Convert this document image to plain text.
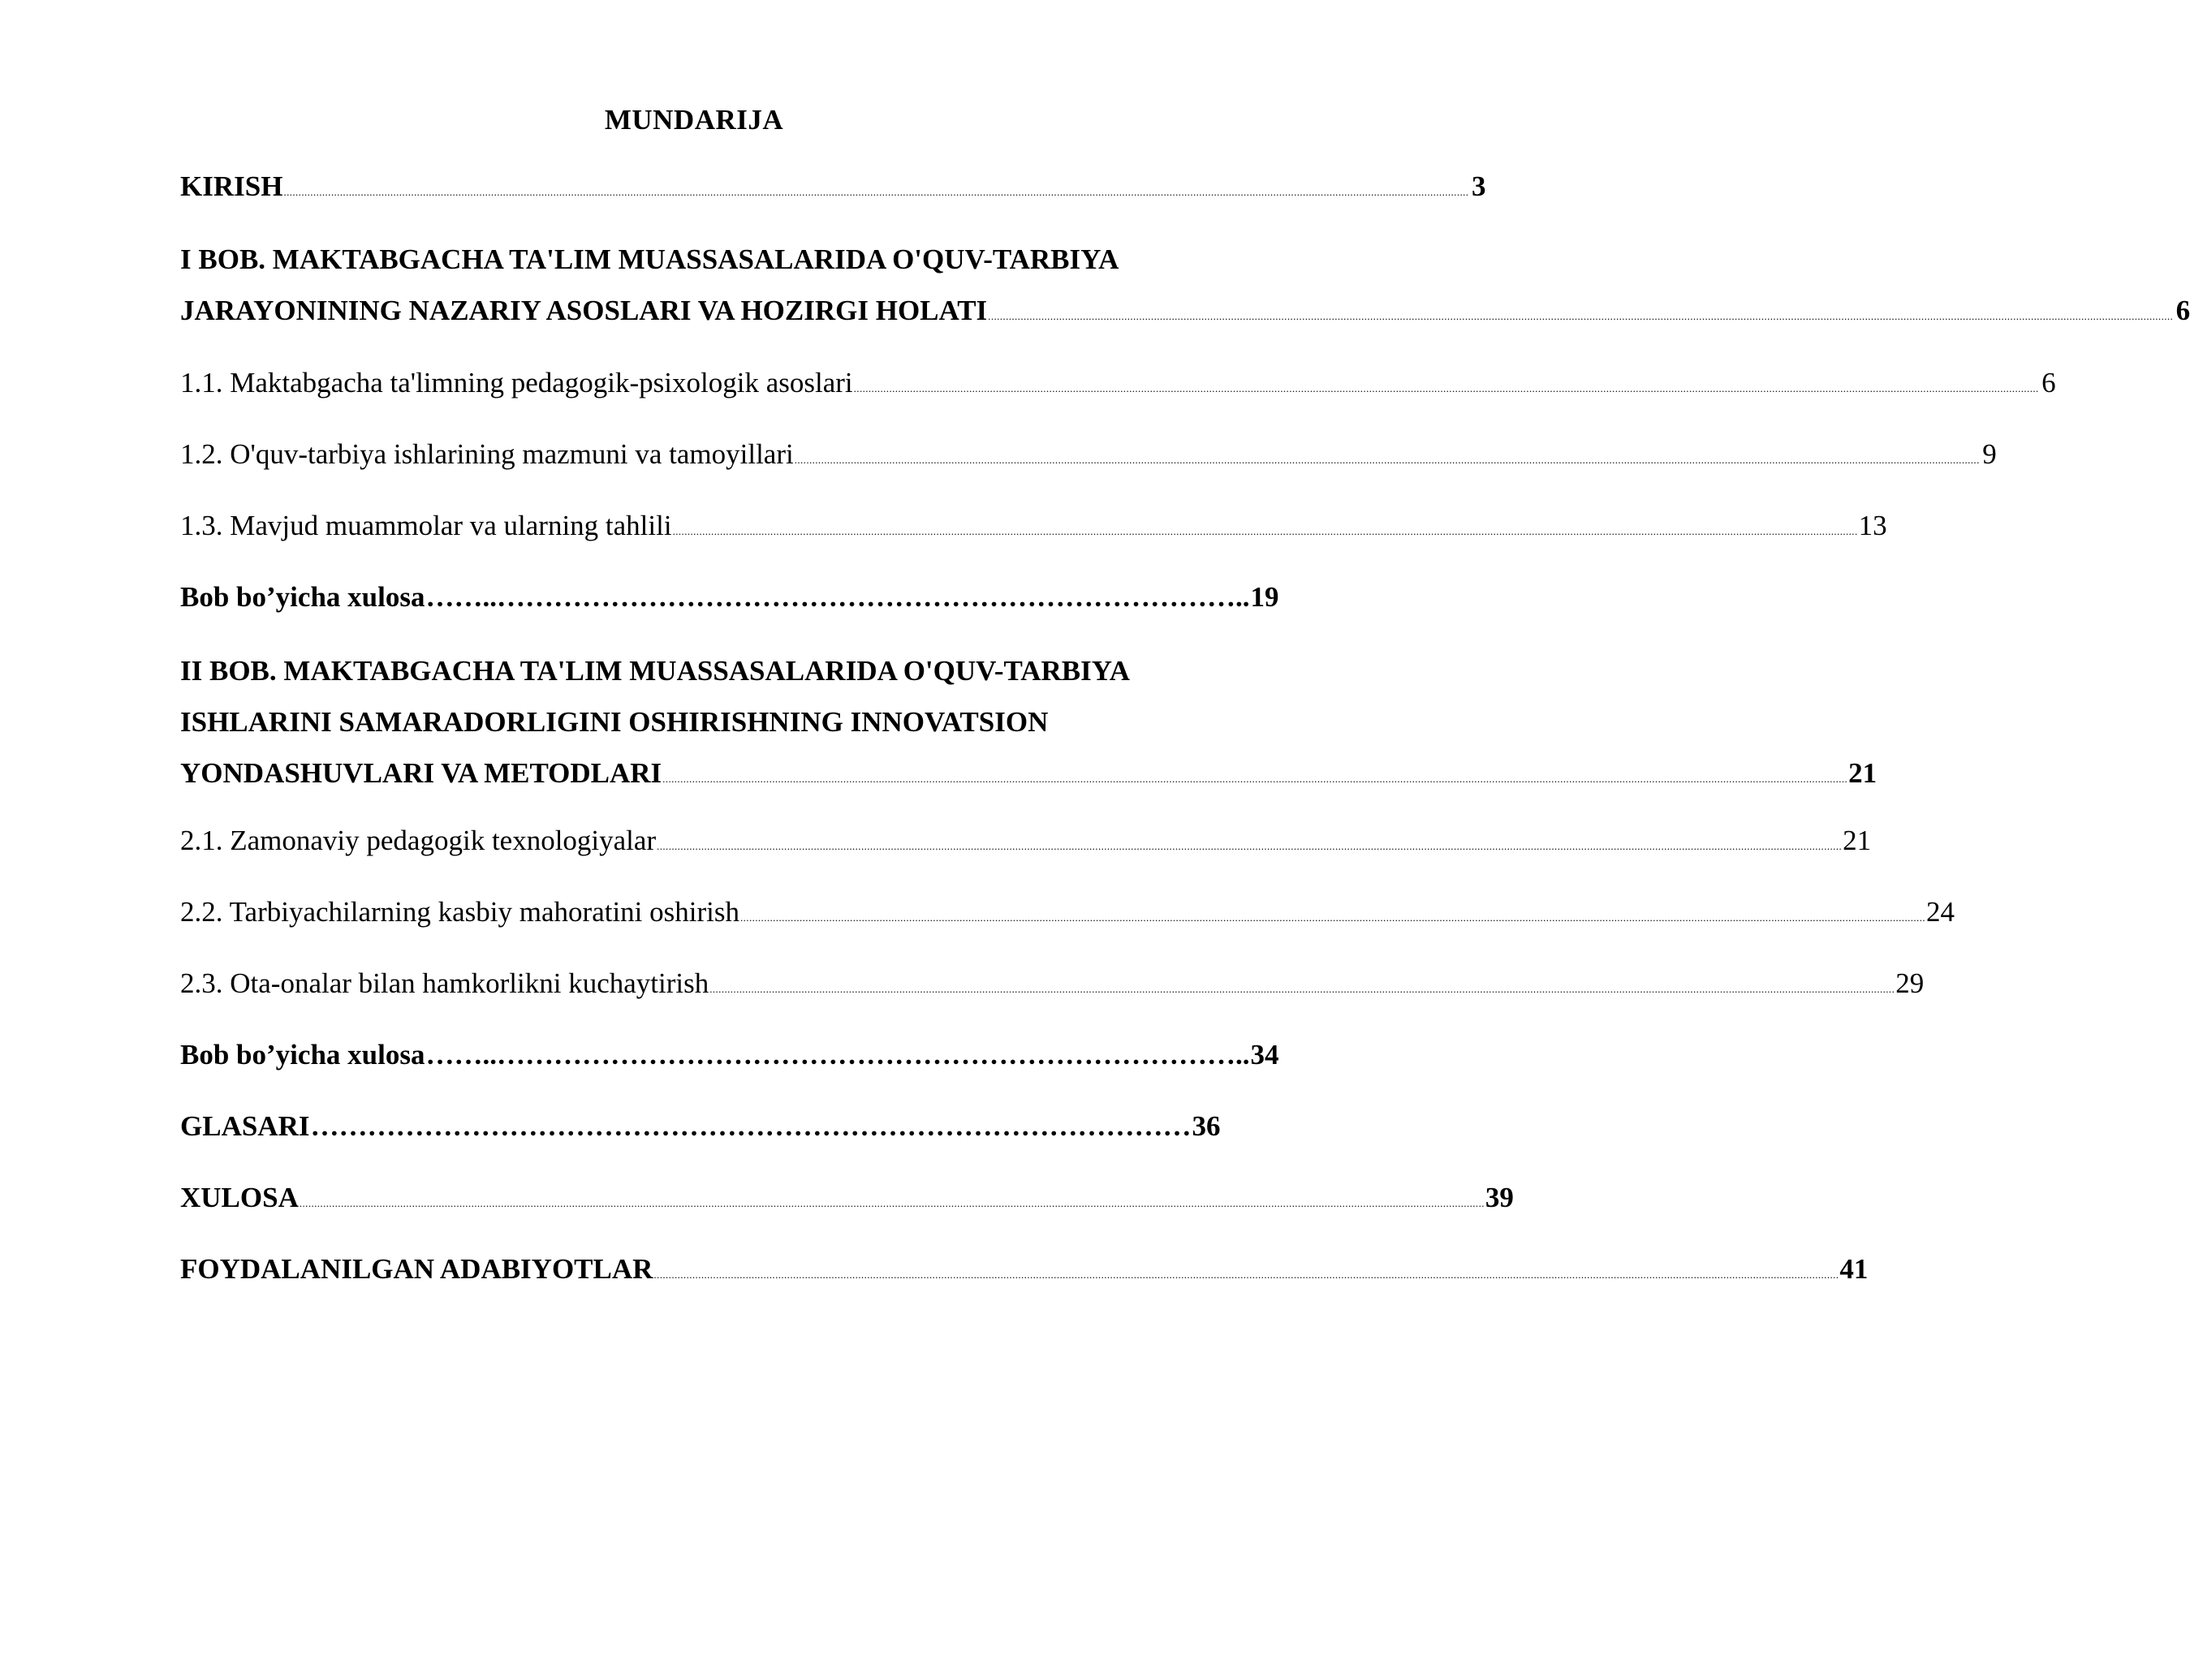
MUNDARIJA
KIRISH ................................................................................................................................................................................................................................................................................................................................................................................................................ 3
I BOB. MAKTABGACHA TA'LIM MUASSASALARIDA O'QUV-TARBIYA
JARAYONINING NAZARIY ASOSLARI VA HOZIRGI HOLATI ................................................................................................................................................................................................................................................................................................................................................................................................................ 6
1.1. Maktabgacha ta'limning pedagogik-psixologik asoslari ................................................................................................................................................................................................................................................................................................................................................................................................................ 6
1.2. O'quv-tarbiya ishlarining mazmuni va tamoyillari ................................................................................................................................................................................................................................................................................................................................................................................................................ 9
1.3. Mavjud muammolar va ularning tahlili ................................................................................................................................................................................................................................................................................................................................................................................................................ 13
Bob bo’yicha xulosa ……..…………………………………………………………………….. 19
II BOB. MAKTABGACHA TA'LIM MUASSASALARIDA O'QUV-TARBIYA
ISHLARINI SAMARADORLIGINI OSHIRISHNING INNOVATSION
YONDASHUVLARI VA METODLARI ................................................................................................................................................................................................................................................................................................................................................................................................................ 21
2.1. Zamonaviy pedagogik texnologiyalar ................................................................................................................................................................................................................................................................................................................................................................................................................ 21
2.2. Tarbiyachilarning kasbiy mahoratini oshirish ................................................................................................................................................................................................................................................................................................................................................................................................................ 24
2.3. Ota-onalar bilan hamkorlikni kuchaytirish ................................................................................................................................................................................................................................................................................................................................................................................................................ 29
Bob bo’yicha xulosa ……..…………………………………………………………………….. 34
GLASARI ………………………………………………………………………………… 36
XULOSA ................................................................................................................................................................................................................................................................................................................................................................................................................ 39
FOYDALANILGAN ADABIYOTLAR ................................................................................................................................................................................................................................................................................................................................................................................................................ 41
